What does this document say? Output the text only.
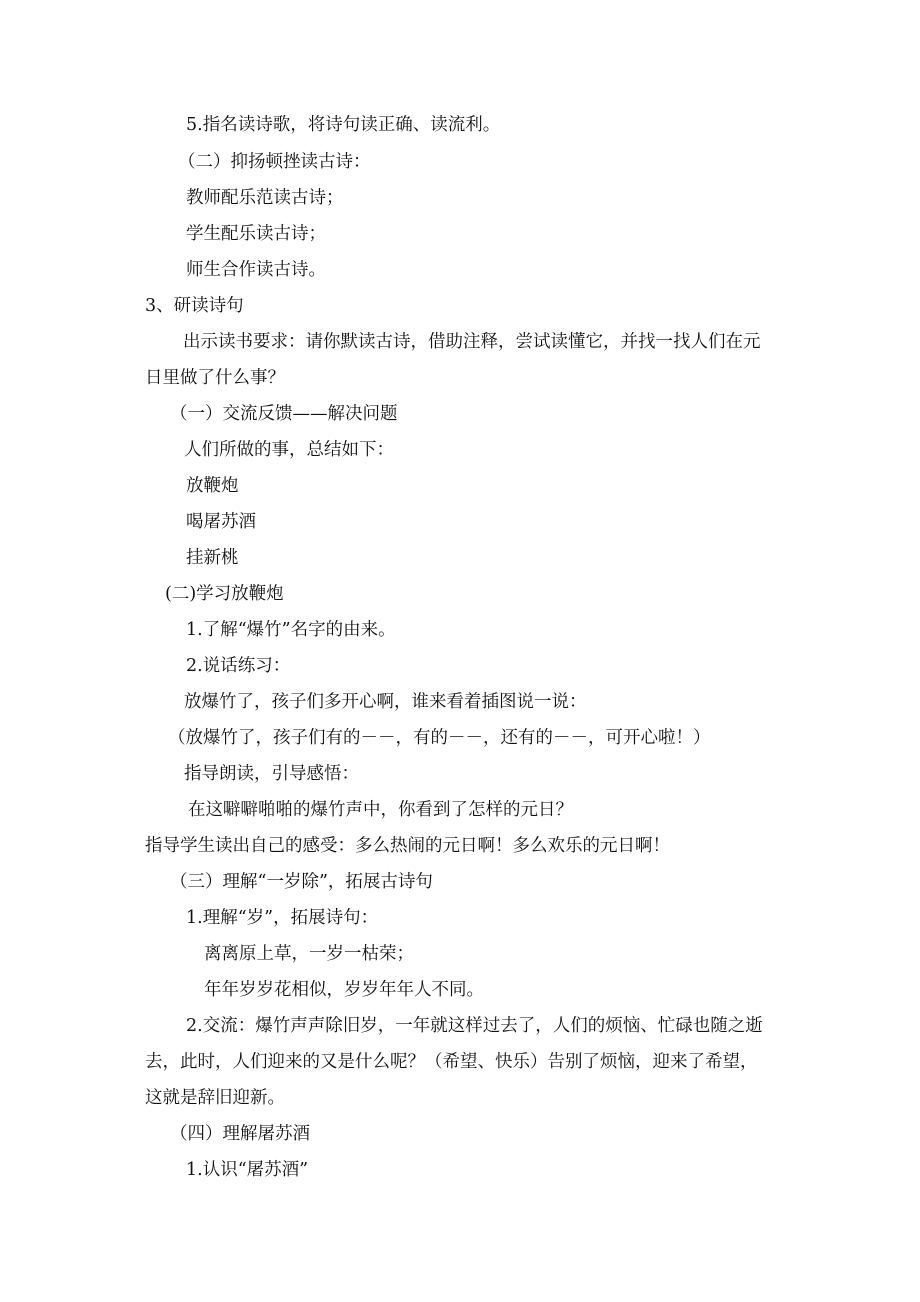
5.指名读诗歌，将诗句读正确、读流利。
（二）抑扬顿挫读古诗：
教师配乐范读古诗；
学生配乐读古诗；
师生合作读古诗。
3、研读诗句
出示读书要求：请你默读古诗，借助注释，尝试读懂它，并找一找人们在元
日里做了什么事？
（一）交流反馈——解决问题
人们所做的事，总结如下：
放鞭炮
喝屠苏酒
挂新桃
(二)学习放鞭炮
1.了解“爆竹”名字的由来。
2.说话练习：
放爆竹了，孩子们多开心啊，谁来看着插图说一说：
（放爆竹了，孩子们有的－－，有的－－，还有的－－，可开心啦！）
指导朗读，引导感悟：
在这噼噼啪啪的爆竹声中，你看到了怎样的元日？
指导学生读出自己的感受：多么热闹的元日啊！多么欢乐的元日啊！
（三）理解“一岁除”，拓展古诗句
1.理解“岁”，拓展诗句：
离离原上草，一岁一枯荣；
年年岁岁花相似，岁岁年年人不同。
2.交流：爆竹声声除旧岁，一年就这样过去了，人们的烦恼、忙碌也随之逝
去，此时，人们迎来的又是什么呢？（希望、快乐）告别了烦恼，迎来了希望，
这就是辞旧迎新。
（四）理解屠苏酒
1.认识“屠苏酒”
